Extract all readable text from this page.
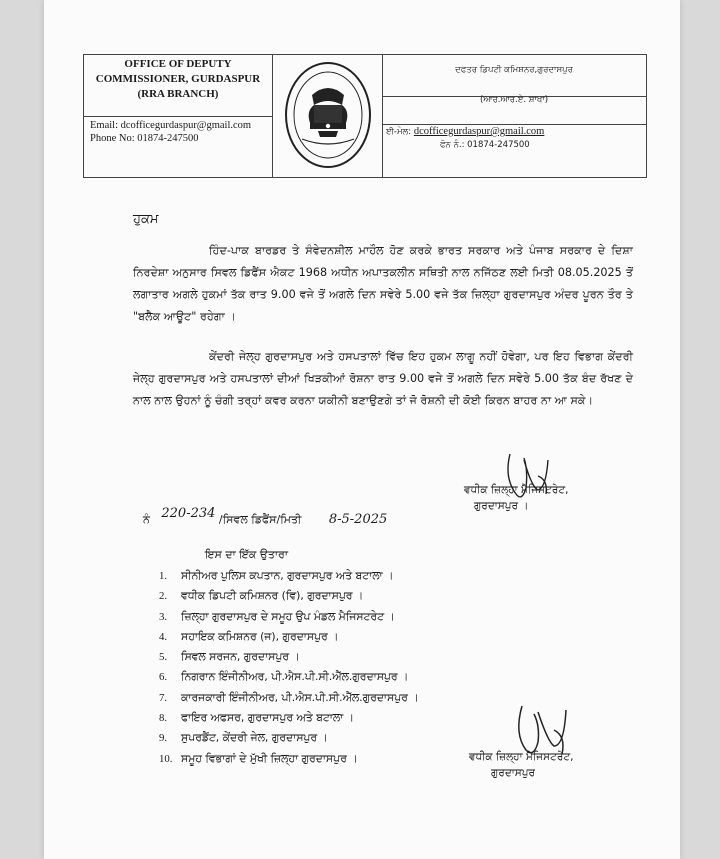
OFFICE OF DEPUTY
COMMISSIONER, GURDASPUR
(RRA BRANCH)
Email: dcofficegurdaspur@gmail.com
Phone No: 01874-247500
ਦਫਤਰ ਡਿਪਟੀ ਕਮਿਸ਼ਨਰ,ਗੁਰਦਾਸਪੁਰ
(ਆਰ.ਆਰ.ਏ. ਸ਼ਾਖਾ)
ਈ-ਮੇਲ: dcofficegurdaspur@gmail.com
ਫੋਨ ਨੰ.: 01874-247500
ਹੁਕਮ
ਹਿੰਦ-ਪਾਕ ਬਾਰਡਰ ਤੇ ਸੰਵੇਦਨਸ਼ੀਲ ਮਾਹੌਲ ਹੋਣ ਕਰਕੇ ਭਾਰਤ ਸਰਕਾਰ ਅਤੇ ਪੰਜਾਬ ਸਰਕਾਰ ਦੇ ਦਿਸ਼ਾ ਨਿਰਦੇਸ਼ਾ ਅਨੁਸਾਰ ਸਿਵਲ ਡਿਫੈਂਸ ਐਕਟ 1968 ਅਧੀਨ ਅਪਾਤਕਲੀਨ ਸਥਿਤੀ ਨਾਲ ਨਜਿੱਠਣ ਲਈ ਮਿਤੀ 08.05.2025 ਤੋਂ ਲਗਾਤਾਰ ਅਗਲੇ ਹੁਕਮਾਂ ਤੱਕ ਰਾਤ 9.00 ਵਜੇ ਤੋਂ ਅਗਲੇ ਦਿਨ ਸਵੇਰੇ 5.00 ਵਜੇ ਤੱਕ ਜ਼ਿਲ੍ਹਾ ਗੁਰਦਾਸਪੁਰ ਅੰਦਰ ਪੂਰਨ ਤੌਰ ਤੇ "ਬਲੈਕ ਆਊਟ" ਰਹੇਗਾ ।
ਕੇਂਦਰੀ ਜੇਲ੍ਹ ਗੁਰਦਾਸਪੁਰ ਅਤੇ ਹਸਪਤਾਲਾਂ ਵਿੱਚ ਇਹ ਹੁਕਮ ਲਾਗੂ ਨਹੀਂ ਹੋਵੇਗਾ, ਪਰ ਇਹ ਵਿਭਾਗ ਕੇਂਦਰੀ ਜੇਲ੍ਹ ਗੁਰਦਾਸਪੁਰ ਅਤੇ ਹਸਪਤਾਲਾਂ ਦੀਆਂ ਖਿੜਕੀਆਂ ਰੋਸ਼ਨਾ ਰਾਤ 9.00 ਵਜੇ ਤੋਂ ਅਗਲੇ ਦਿਨ ਸਵੇਰੇ 5.00 ਤੱਕ ਬੰਦ ਰੱਖਣ ਦੇ ਨਾਲ ਨਾਲ ਉਹਨਾਂ ਨੂੰ ਚੰਗੀ ਤਰ੍ਹਾਂ ਕਵਰ ਕਰਨਾ ਯਕੀਨੀ ਬਣਾਉਣਗੇ ਤਾਂ ਜੋ ਰੋਸ਼ਨੀ ਦੀ ਕੋਈ ਕਿਰਨ ਬਾਹਰ ਨਾ ਆ ਸਕੇ।
ਵਧੀਕ ਜ਼ਿਲ੍ਹਾ ਮੈਜਿਸਟਰੇਟ,
ਗੁਰਦਾਸਪੁਰ ।
ਨੰ 220-234 /ਸਿਵਲ ਡਿਫੈਂਸ/ਮਿਤੀ 8-5-2025
ਇਸ ਦਾ ਇੱਕ ਉਤਾਰਾ
1. ਸੀਨੀਅਰ ਪੁਲਿਸ ਕਪਤਾਨ, ਗੁਰਦਾਸਪੁਰ ਅਤੇ ਬਟਾਲਾ ।
2. ਵਧੀਕ ਡਿਪਟੀ ਕਮਿਸ਼ਨਰ (ਵਿ), ਗੁਰਦਾਸਪੁਰ ।
3. ਜ਼ਿਲ੍ਹਾ ਗੁਰਦਾਸਪੁਰ ਦੇ ਸਮੂਹ ਉਪ ਮੰਡਲ ਮੈਜਿਸਟਰੇਟ ।
4. ਸਹਾਇਕ ਕਮਿਸ਼ਨਰ (ਜ), ਗੁਰਦਾਸਪੁਰ ।
5. ਸਿਵਲ ਸਰਜਨ, ਗੁਰਦਾਸਪੁਰ ।
6. ਨਿਗਰਾਨ ਇੰਜੀਨੀਅਰ, ਪੀ.ਐਸ.ਪੀ.ਸੀ.ਐੱਲ.ਗੁਰਦਾਸਪੁਰ ।
7. ਕਾਰਜਕਾਰੀ ਇੰਜੀਨੀਅਰ, ਪੀ.ਐਸ.ਪੀ.ਸੀ.ਐੱਲ.ਗੁਰਦਾਸਪੁਰ ।
8. ਫਾਇਰ ਅਫਸਰ, ਗੁਰਦਾਸਪੁਰ ਅਤੇ ਬਟਾਲਾ ।
9. ਸੁਪਰਡੈਂਟ, ਕੇਂਦਰੀ ਜੇਲ, ਗੁਰਦਾਸਪੁਰ ।
10. ਸਮੂਹ ਵਿਭਾਗਾਂ ਦੇ ਮੁੱਖੀ ਜ਼ਿਲ੍ਹਾ ਗੁਰਦਾਸਪੁਰ ।	ਵਧੀਕ ਜ਼ਿਲ੍ਹਾ ਮੈਜਿਸਟਰੇਟ,
ਗੁਰਦਾਸਪੁਰ
